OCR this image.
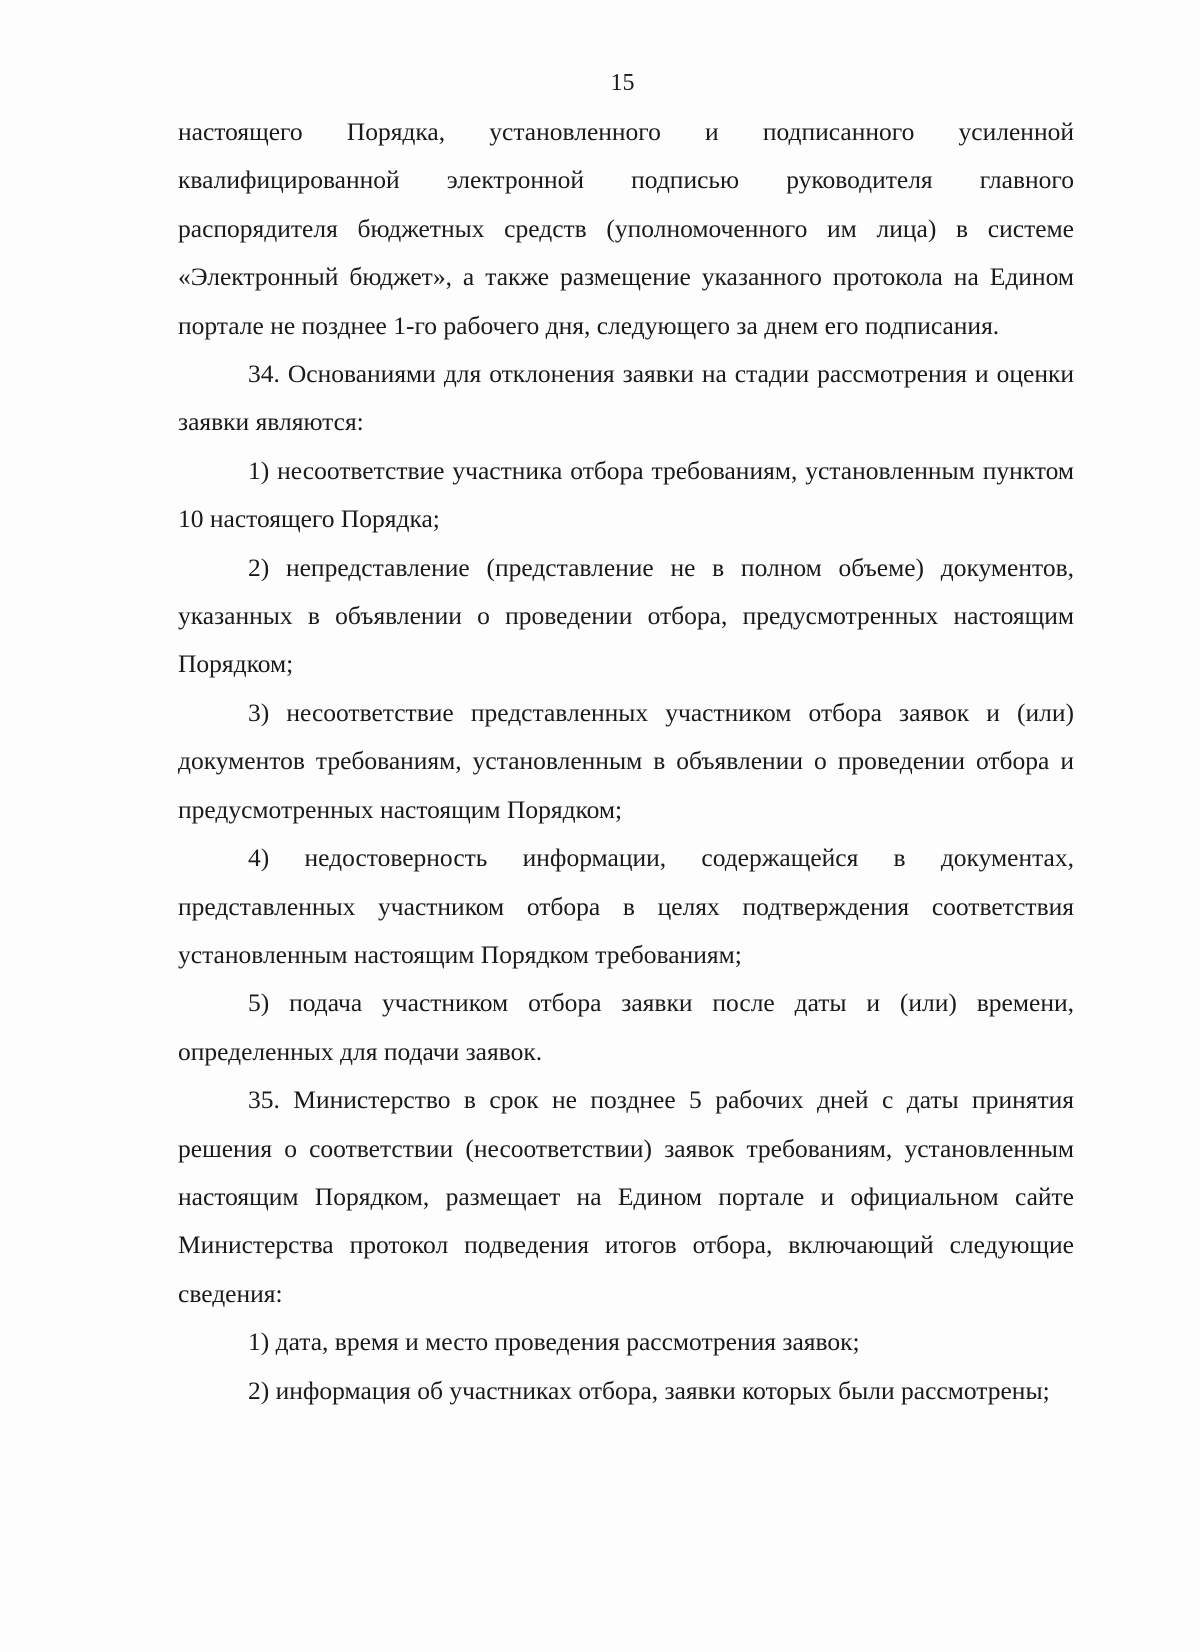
15

настоящего Порядка, установленного и подписанного усиленной квалифицированной электронной подписью руководителя главного распорядителя бюджетных средств (уполномоченного им лица) в системе «Электронный бюджет», а также размещение указанного протокола на Едином портале не позднее 1-го рабочего дня, следующего за днем его подписания.

34. Основаниями для отклонения заявки на стадии рассмотрения и оценки заявки являются:

1) несоответствие участника отбора требованиям, установленным пунктом 10 настоящего Порядка;

2) непредставление (представление не в полном объеме) документов, указанных в объявлении о проведении отбора, предусмотренных настоящим Порядком;

3) несоответствие представленных участником отбора заявок и (или) документов требованиям, установленным в объявлении о проведении отбора и предусмотренных настоящим Порядком;

4) недостоверность информации, содержащейся в документах, представленных участником отбора в целях подтверждения соответствия установленным настоящим Порядком требованиям;

5) подача участником отбора заявки после даты и (или) времени, определенных для подачи заявок.

35. Министерство в срок не позднее 5 рабочих дней с даты принятия решения о соответствии (несоответствии) заявок требованиям, установленным настоящим Порядком, размещает на Едином портале и официальном сайте Министерства протокол подведения итогов отбора, включающий следующие сведения:

1) дата, время и место проведения рассмотрения заявок;

2) информация об участниках отбора, заявки которых были рассмотрены;
